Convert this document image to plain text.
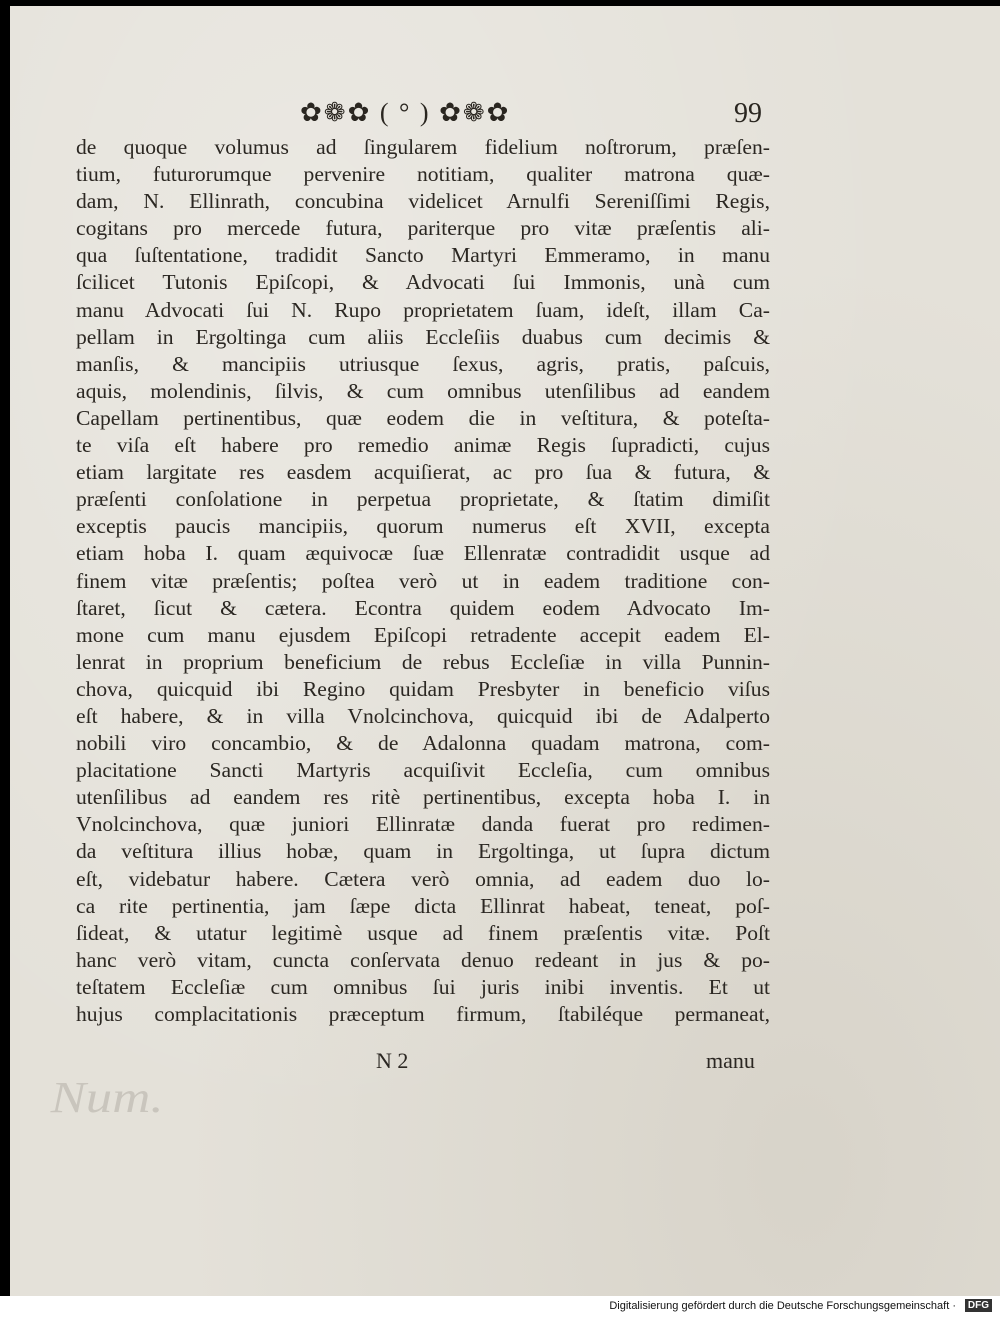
✿❁✿ ( ° ) ✿❁✿	99
de quoque volumus ad ſingularem fidelium noſtrorum, præſen-
tium, futurorumque pervenire notitiam, qualiter matrona quæ-
dam, N. Ellinrath, concubina videlicet Arnulfi Sereniſſimi Regis,
cogitans pro mercede futura, pariterque pro vitæ præſentis ali-
qua ſuſtentatione, tradidit Sancto Martyri Emmeramo, in manu
ſcilicet Tutonis Epiſcopi, & Advocati ſui Immonis, unà cum
manu Advocati ſui N. Rupo proprietatem ſuam, ideſt, illam Ca-
pellam in Ergoltinga cum aliis Eccleſiis duabus cum decimis &
manſis, & mancipiis utriusque ſexus, agris, pratis, paſcuis,
aquis, molendinis, ſilvis, & cum omnibus utenſilibus ad eandem
Capellam pertinentibus, quæ eodem die in veſtitura, & poteſta-
te viſa eſt habere pro remedio animæ Regis ſupradicti, cujus
etiam largitate res easdem acquiſierat, ac pro ſua & futura, &
præſenti conſolatione in perpetua proprietate, & ſtatim dimiſit
exceptis paucis mancipiis, quorum numerus eſt XVII, excepta
etiam hoba I. quam æquivocæ ſuæ Ellenratæ contradidit usque ad
finem vitæ præſentis; poſtea verò ut in eadem traditione con-
ſtaret, ſicut & cætera. Econtra quidem eodem Advocato Im-
mone cum manu ejusdem Epiſcopi retradente accepit eadem El-
lenrat in proprium beneficium de rebus Eccleſiæ in villa Punnin-
chova, quicquid ibi Regino quidam Presbyter in beneficio viſus
eſt habere, & in villa Vnolcinchova, quicquid ibi de Adalperto
nobili viro concambio, & de Adalonna quadam matrona, com-
placitatione Sancti Martyris acquiſivit Eccleſia, cum omnibus
utenſilibus ad eandem res ritè pertinentibus, excepta hoba I. in
Vnolcinchova, quæ juniori Ellinratæ danda fuerat pro redimen-
da veſtitura illius hobæ, quam in Ergoltinga, ut ſupra dictum
eſt, videbatur habere. Cætera verò omnia, ad eadem duo lo-
ca rite pertinentia, jam ſæpe dicta Ellinrat habeat, teneat, poſ-
ſideat, & utatur legitimè usque ad finem præſentis vitæ. Poſt
hanc verò vitam, cuncta conſervata denuo redeant in jus & po-
teſtatem Eccleſiæ cum omnibus ſui juris inibi inventis. Et ut
hujus complacitationis præceptum firmum, ſtabiléque permaneat,
N 2	manu
Num.
Digitalisierung gefördert durch die Deutsche Forschungsgemeinschaft ·	DFG
